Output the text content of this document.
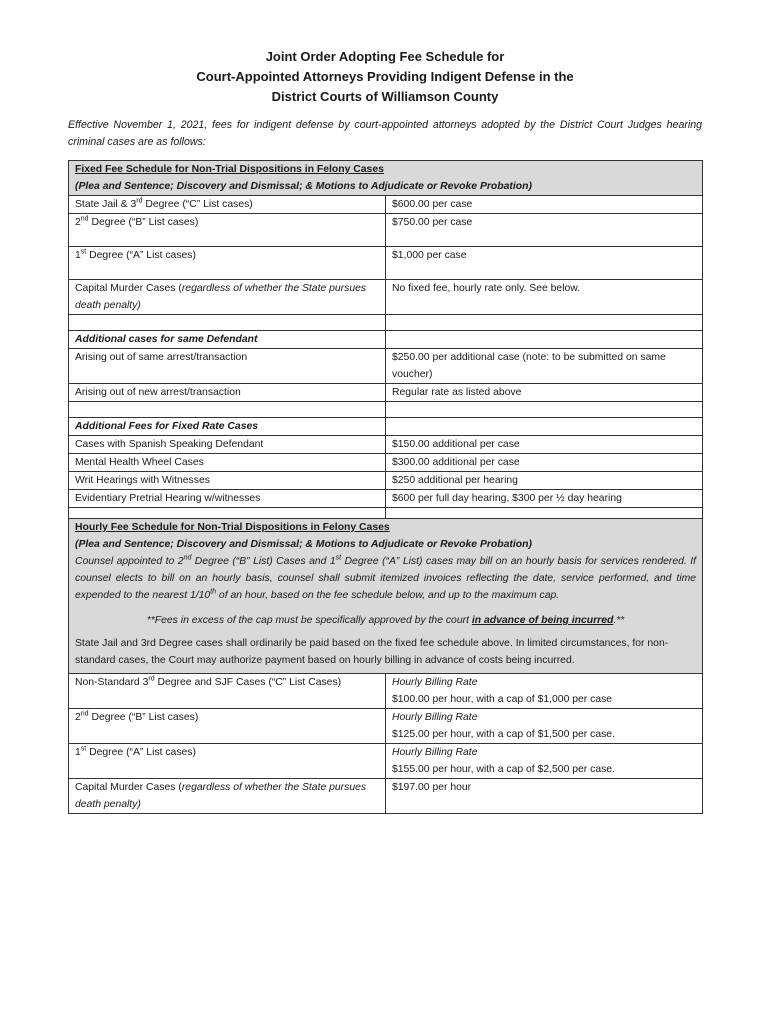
Joint Order Adopting Fee Schedule for
Court-Appointed Attorneys Providing Indigent Defense in the
District Courts of Williamson County
Effective November 1, 2021, fees for indigent defense by court-appointed attorneys adopted by the District Court Judges hearing criminal cases are as follows:
Fixed Fee Schedule for Non-Trial Dispositions in Felony Cases
(Plea and Sentence; Discovery and Dismissal; & Motions to Adjudicate or Revoke Probation)	

State Jail & 3rd Degree (“C” List cases)	$600.00 per case
2nd Degree (“B” List cases)	$750.00 per case
1st Degree (“A” List cases)	$1,000 per case
Capital Murder Cases (regardless of whether the State pursues death penalty)	No fixed fee, hourly rate only. See below.

Additional cases for same Defendant	
Arising out of same arrest/transaction	$250.00 per additional case (note: to be submitted on same voucher)
Arising out of new arrest/transaction	Regular rate as listed above

Additional Fees for Fixed Rate Cases	
Cases with Spanish Speaking Defendant	$150.00 additional per case
Mental Health Wheel Cases	$300.00 additional per case
Writ Hearings with Witnesses	$250 additional per hearing
Evidentiary Pretrial Hearing w/witnesses	$600 per full day hearing, $300 per ½ day hearing

Hourly Fee Schedule for Non-Trial Dispositions in Felony Cases
(Plea and Sentence; Discovery and Dismissal; & Motions to Adjudicate or Revoke Probation)
Counsel appointed to 2nd Degree (“B” List) Cases and 1st Degree (“A” List) cases may bill on an hourly basis for services rendered. If counsel elects to bill on an hourly basis, counsel shall submit itemized invoices reflecting the date, service performed, and time expended to the nearest 1/10th of an hour, based on the fee schedule below, and up to the maximum cap.
**Fees in excess of the cap must be specifically approved by the court in advance of being incurred.**
State Jail and 3rd Degree cases shall ordinarily be paid based on the fixed fee schedule above. In limited circumstances, for non-standard cases, the Court may authorize payment based on hourly billing in advance of costs being incurred.	

Non-Standard 3rd Degree and SJF Cases (“C” List Cases)	Hourly Billing Rate
$100.00 per hour, with a cap of $1,000 per case

2nd Degree (“B” List cases)	Hourly Billing Rate
$125.00 per hour, with a cap of $1,500 per case.

1st Degree (“A” List cases)	Hourly Billing Rate
$155.00 per hour, with a cap of $2,500 per case.

Capital Murder Cases (regardless of whether the State pursues death penalty)	$197.00 per hour
